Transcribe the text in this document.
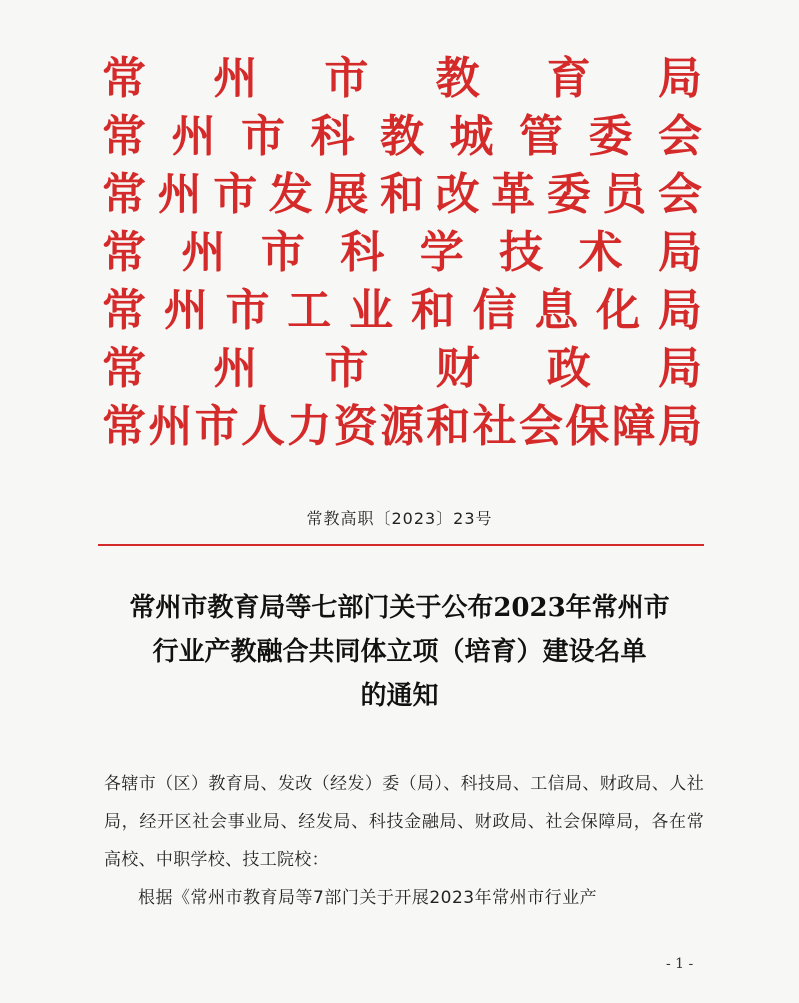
常 州 市 教 育 局
常 州 市 科 教 城 管 委 会
常 州 市 发 展 和 改 革 委 员 会
常 州 市 科 学 技 术 局
常 州 市 工 业 和 信 息 化 局
常 州 市 财 政 局
常 州 市 人 力 资 源 和 社 会 保 障 局
常教高职〔2023〕23号
常州市教育局等七部门关于公布2023年常州市
行业产教融合共同体立项（培育）建设名单
的通知
各辖市（区）教育局、发改（经发）委（局）、科技局、工信局、财政局、人社局，经开区社会事业局、经发局、科技金融局、财政局、社会保障局，各在常高校、中职学校、技工院校：
根据《常州市教育局等7部门关于开展2023年常州市行业产
- 1 -
